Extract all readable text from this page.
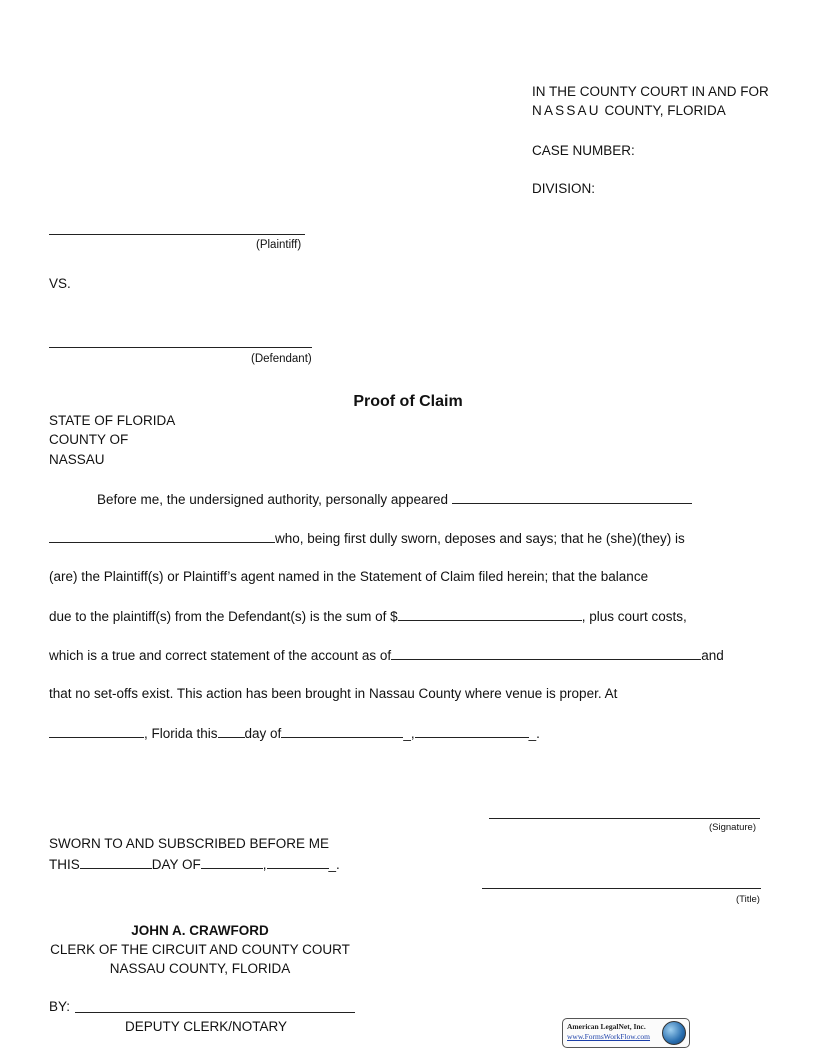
IN THE COUNTY COURT IN AND FOR
NASSAU COUNTY, FLORIDA
CASE NUMBER:
DIVISION:
(Plaintiff)
VS.
(Defendant)
Proof of Claim
STATE OF FLORIDA
COUNTY OF
NASSAU
Before me, the undersigned authority, personally appeared
who, being first dully sworn, deposes and says; that he (she)(they) is
(are) the Plaintiff(s) or Plaintiff’s agent named in the Statement of Claim filed herein; that the balance
due to the plaintiff(s) from the Defendant(s) is the sum of $	, plus court costs,
which is a true and correct statement of the account as of	and
that no set-offs exist. This action has been brought in Nassau County where venue is proper. At
, Florida this day of	_,	_.
(Signature)
(Title)
SWORN TO AND SUBSCRIBED BEFORE ME
THIS	DAY OF	,	_.
JOHN A. CRAWFORD
CLERK OF THE CIRCUIT AND COUNTY COURT
NASSAU COUNTY, FLORIDA
BY:
DEPUTY CLERK/NOTARY	American LegalNet, Inc.
www.FormsWorkFlow.com
